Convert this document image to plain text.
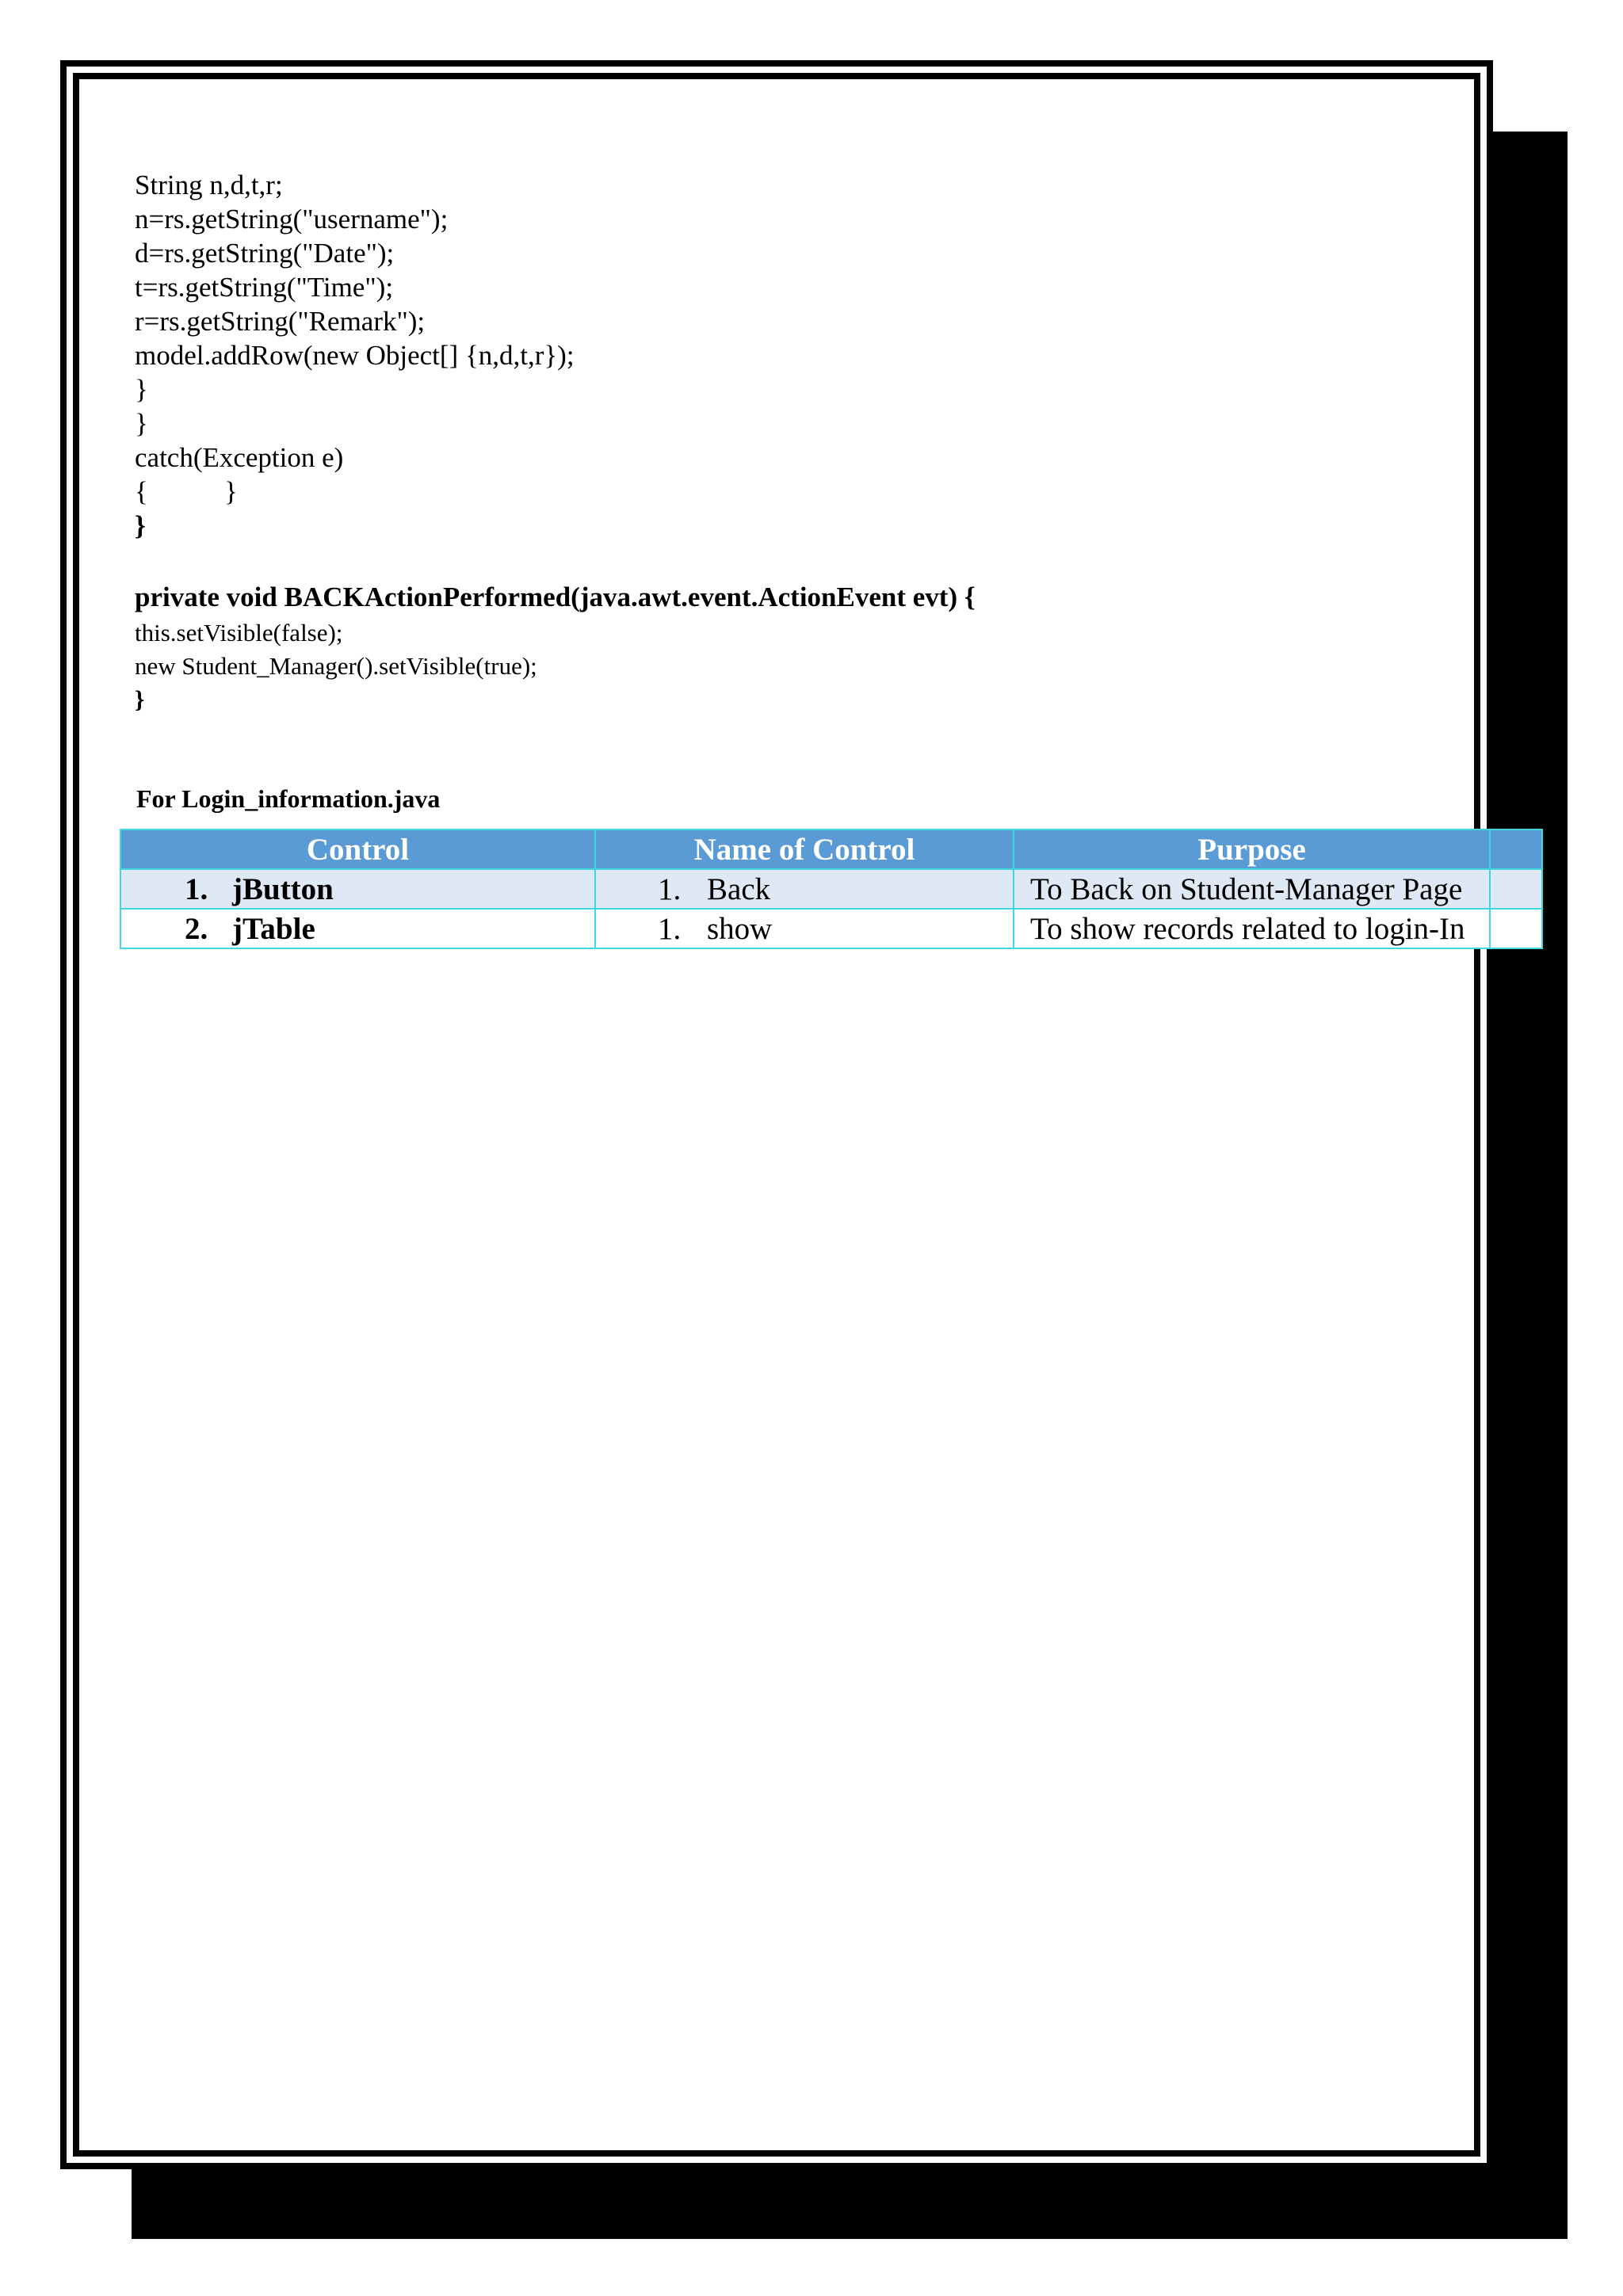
String n,d,t,r;
n=rs.getString("username");
d=rs.getString("Date");
t=rs.getString("Time");
r=rs.getString("Remark");
model.addRow(new Object[] {n,d,t,r});
}
}
catch(Exception e)
{           }
}
private void BACKActionPerformed(java.awt.event.ActionEvent evt) {
this.setVisible(false);
new Student_Manager().setVisible(true);
}
For Login_information.java
Control	Name of Control	Purpose	
1. jButton	1. Back	To Back on Student-Manager Page	
2. jTable	1. show	To show records related to login-In	
